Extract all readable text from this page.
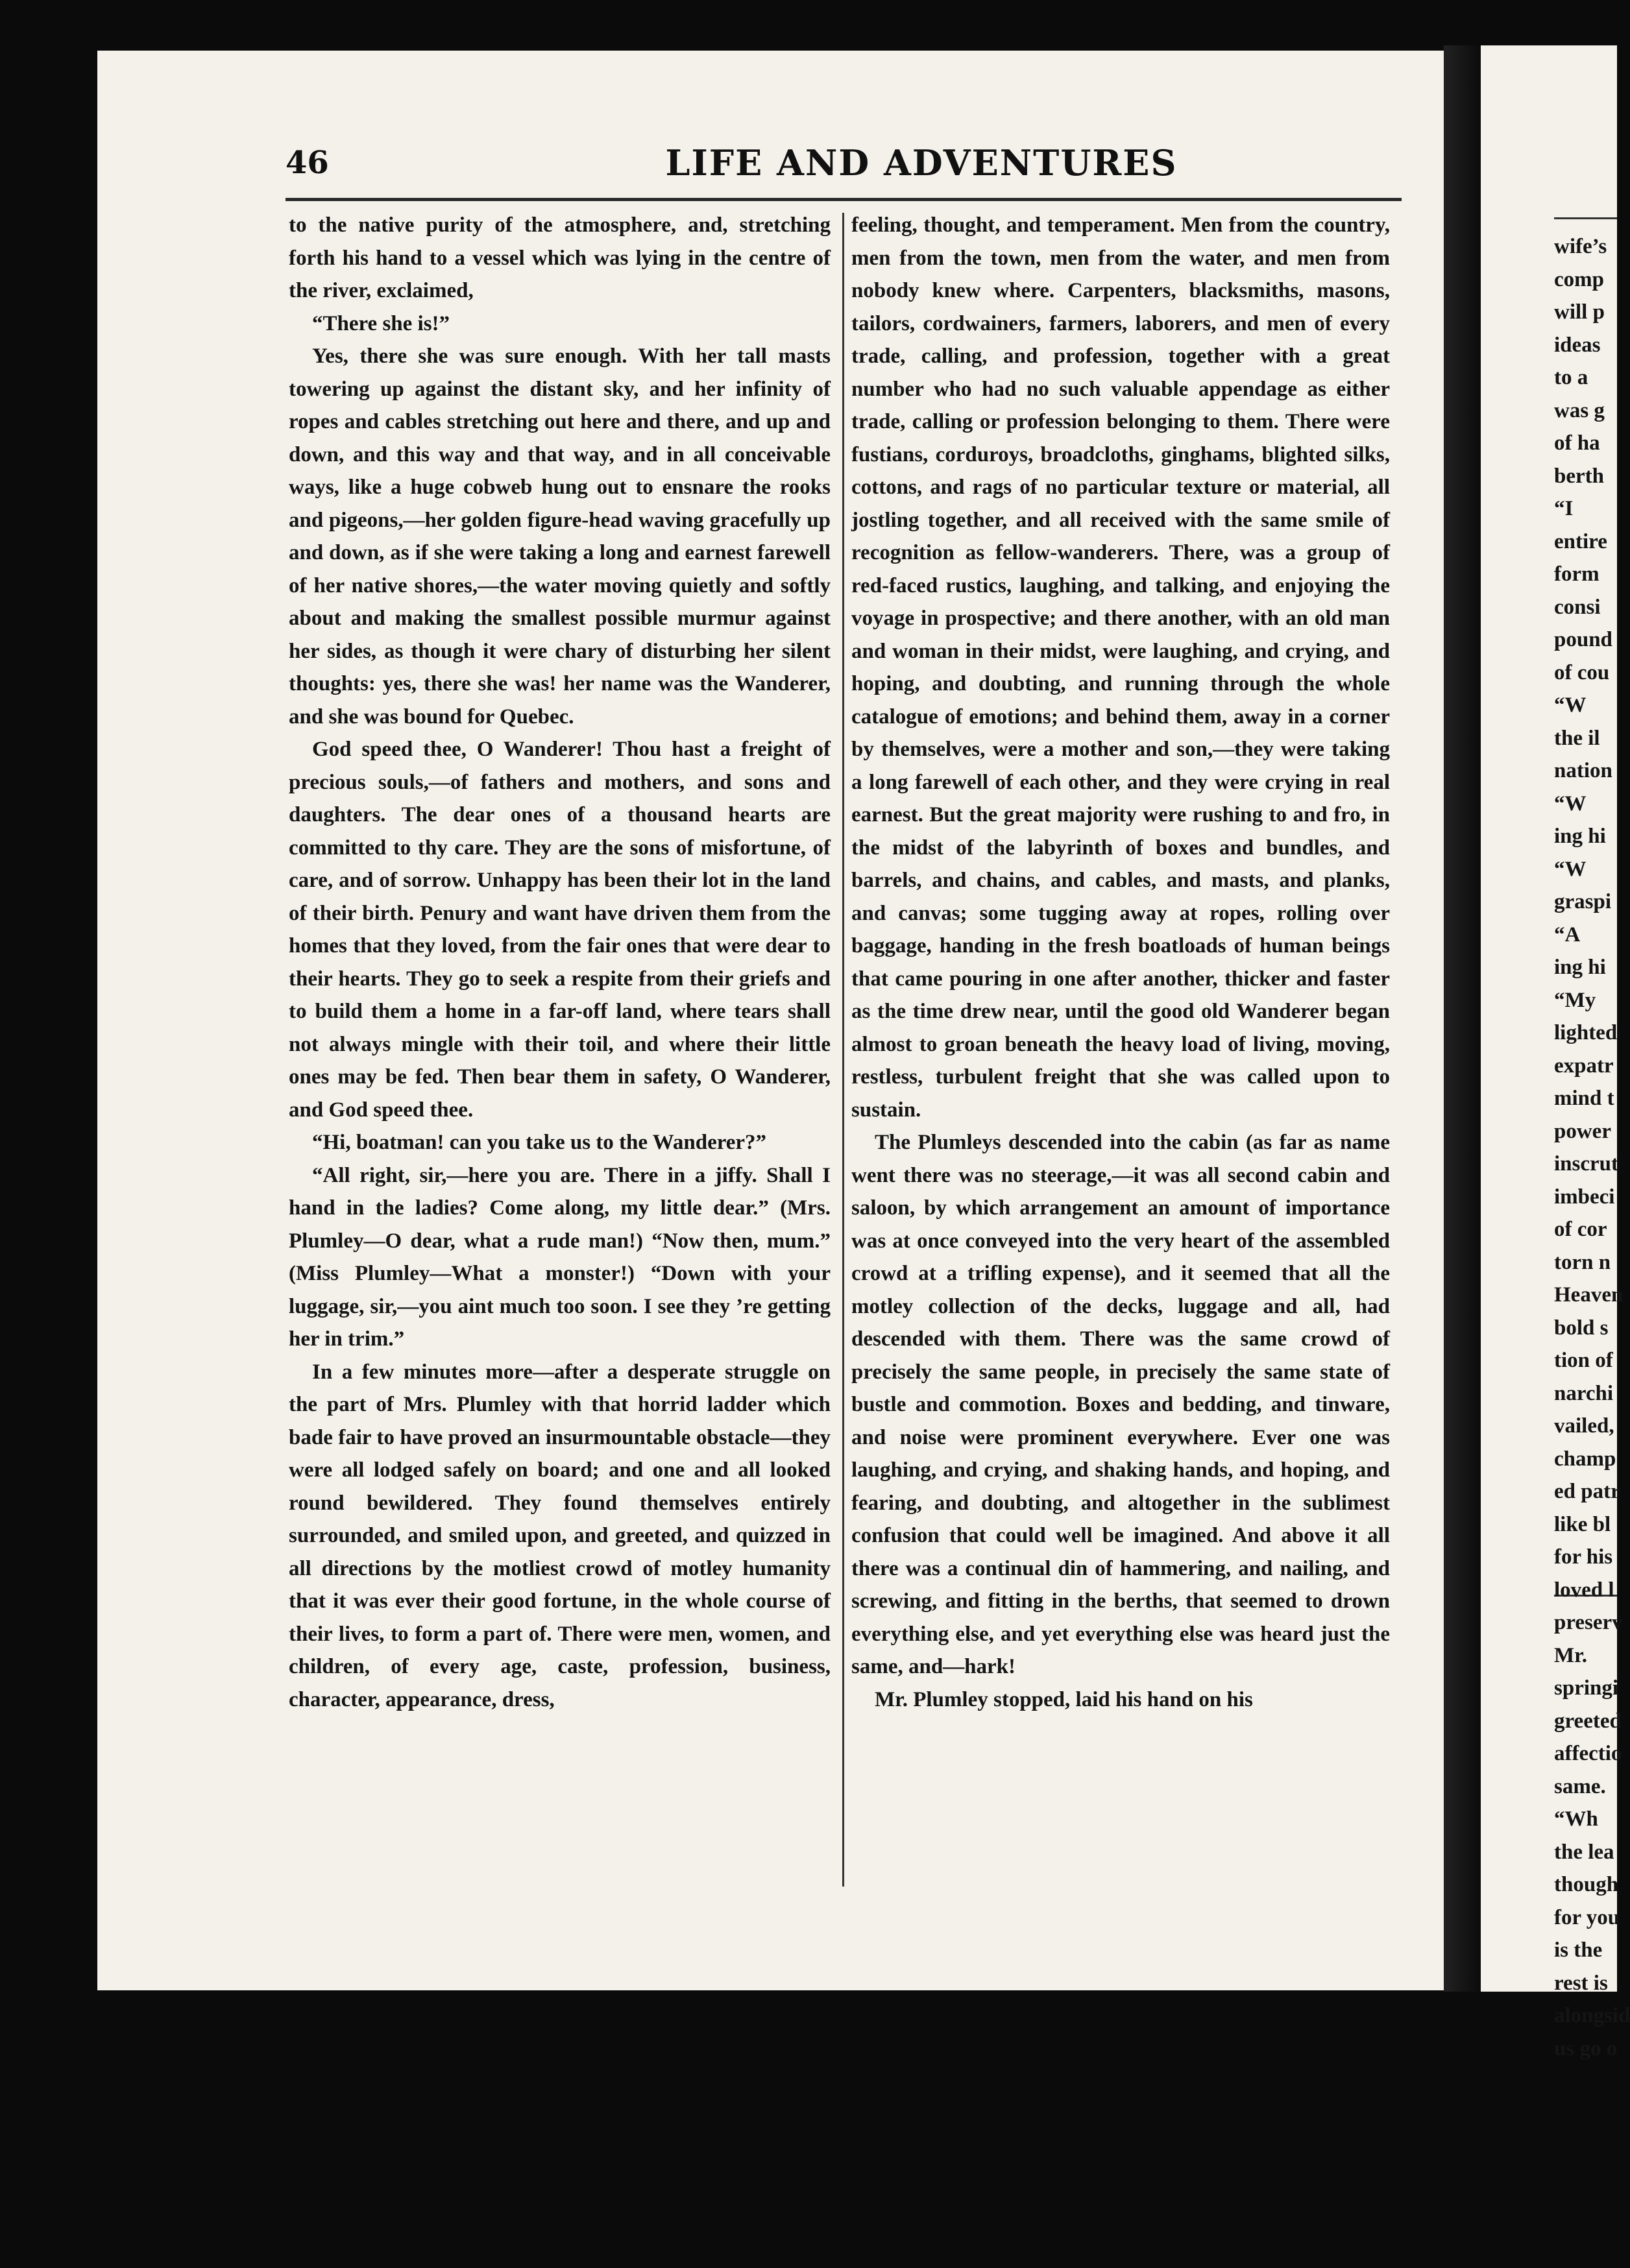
46	LIFE AND ADVENTURES

to the native purity of the atmosphere, and, stretching forth his hand to a vessel which was lying in the centre of the river, exclaimed,

“There she is!”

Yes, there she was sure enough. With her tall masts towering up against the distant sky, and her infinity of ropes and cables stretching out here and there, and up and down, and this way and that way, and in all conceivable ways, like a huge cobweb hung out to ensnare the rooks and pigeons,—her golden figure-head waving gracefully up and down, as if she were taking a long and earnest farewell of her native shores,—the water moving quietly and softly about and making the smallest possible murmur against her sides, as though it were chary of disturbing her silent thoughts: yes, there she was! her name was the Wanderer, and she was bound for Quebec.

God speed thee, O Wanderer! Thou hast a freight of precious souls,—of fathers and mothers, and sons and daughters. The dear ones of a thousand hearts are committed to thy care. They are the sons of misfortune, of care, and of sorrow. Unhappy has been their lot in the land of their birth. Penury and want have driven them from the homes that they loved, from the fair ones that were dear to their hearts. They go to seek a respite from their griefs and to build them a home in a far-off land, where tears shall not always mingle with their toil, and where their little ones may be fed. Then bear them in safety, O Wanderer, and God speed thee.

“Hi, boatman! can you take us to the Wanderer?”

“All right, sir,—here you are. There in a jiffy. Shall I hand in the ladies? Come along, my little dear.” (Mrs. Plumley—O dear, what a rude man!) “Now then, mum.” (Miss Plumley—What a monster!) “Down with your luggage, sir,—you aint much too soon. I see they ’re getting her in trim.”

In a few minutes more—after a desperate struggle on the part of Mrs. Plumley with that horrid ladder which bade fair to have proved an insurmountable obstacle—they were all lodged safely on board; and one and all looked round bewildered. They found themselves entirely surrounded, and smiled upon, and greeted, and quizzed in all directions by the motliest crowd of motley humanity that it was ever their good fortune, in the whole course of their lives, to form a part of. There were men, women, and children, of every age, caste, profession, business, character, appearance, dress,

feeling, thought, and temperament. Men from the country, men from the town, men from the water, and men from nobody knew where. Carpenters, blacksmiths, masons, tailors, cordwainers, farmers, laborers, and men of every trade, calling, and profession, together with a great number who had no such valuable appendage as either trade, calling or profession belonging to them. There were fustians, corduroys, broadcloths, ginghams, blighted silks, cottons, and rags of no particular texture or material, all jostling together, and all received with the same smile of recognition as fellow-wanderers. There, was a group of red-faced rustics, laughing, and talking, and enjoying the voyage in prospective; and there another, with an old man and woman in their midst, were laughing, and crying, and hoping, and doubting, and running through the whole catalogue of emotions; and behind them, away in a corner by themselves, were a mother and son,—they were taking a long farewell of each other, and they were crying in real earnest. But the great majority were rushing to and fro, in the midst of the labyrinth of boxes and bundles, and barrels, and chains, and cables, and masts, and planks, and canvas; some tugging away at ropes, rolling over baggage, handing in the fresh boatloads of human beings that came pouring in one after another, thicker and faster as the time drew near, until the good old Wanderer began almost to groan beneath the heavy load of living, moving, restless, turbulent freight that she was called upon to sustain.

The Plumleys descended into the cabin (as far as name went there was no steerage,—it was all second cabin and saloon, by which arrangement an amount of importance was at once conveyed into the very heart of the assembled crowd at a trifling expense), and it seemed that all the motley collection of the decks, luggage and all, had descended with them. There was the same crowd of precisely the same people, in precisely the same state of bustle and commotion. Boxes and bedding, and tinware, and noise were prominent everywhere. Ever one was laughing, and crying, and shaking hands, and hoping, and fearing, and doubting, and altogether in the sublimest confusion that could well be imagined. And above it all there was a continual din of hammering, and nailing, and screwing, and fitting in the berths, that seemed to drown everything else, and yet everything else was heard just the same, and—hark!

Mr. Plumley stopped, laid his hand on his

wife’s
comp
will p
ideas
to a
was g
of ha
berth
“I
entire
form
consi
pound
of cou
“W
the il
nation
“W
ing hi
“W
graspi
“A
ing hi
“My
lighted
expatr
mind t
power
inscrut
imbeci
of cor
torn n
Heaven
bold s
tion of
narchi
vailed,
champ
ed patr
like bl
for his
loved l
preserv
Mr.
springi
greeted
affectio
same.
“Wh
the lea
though
for you
is the
rest is
alongsid
us go o
